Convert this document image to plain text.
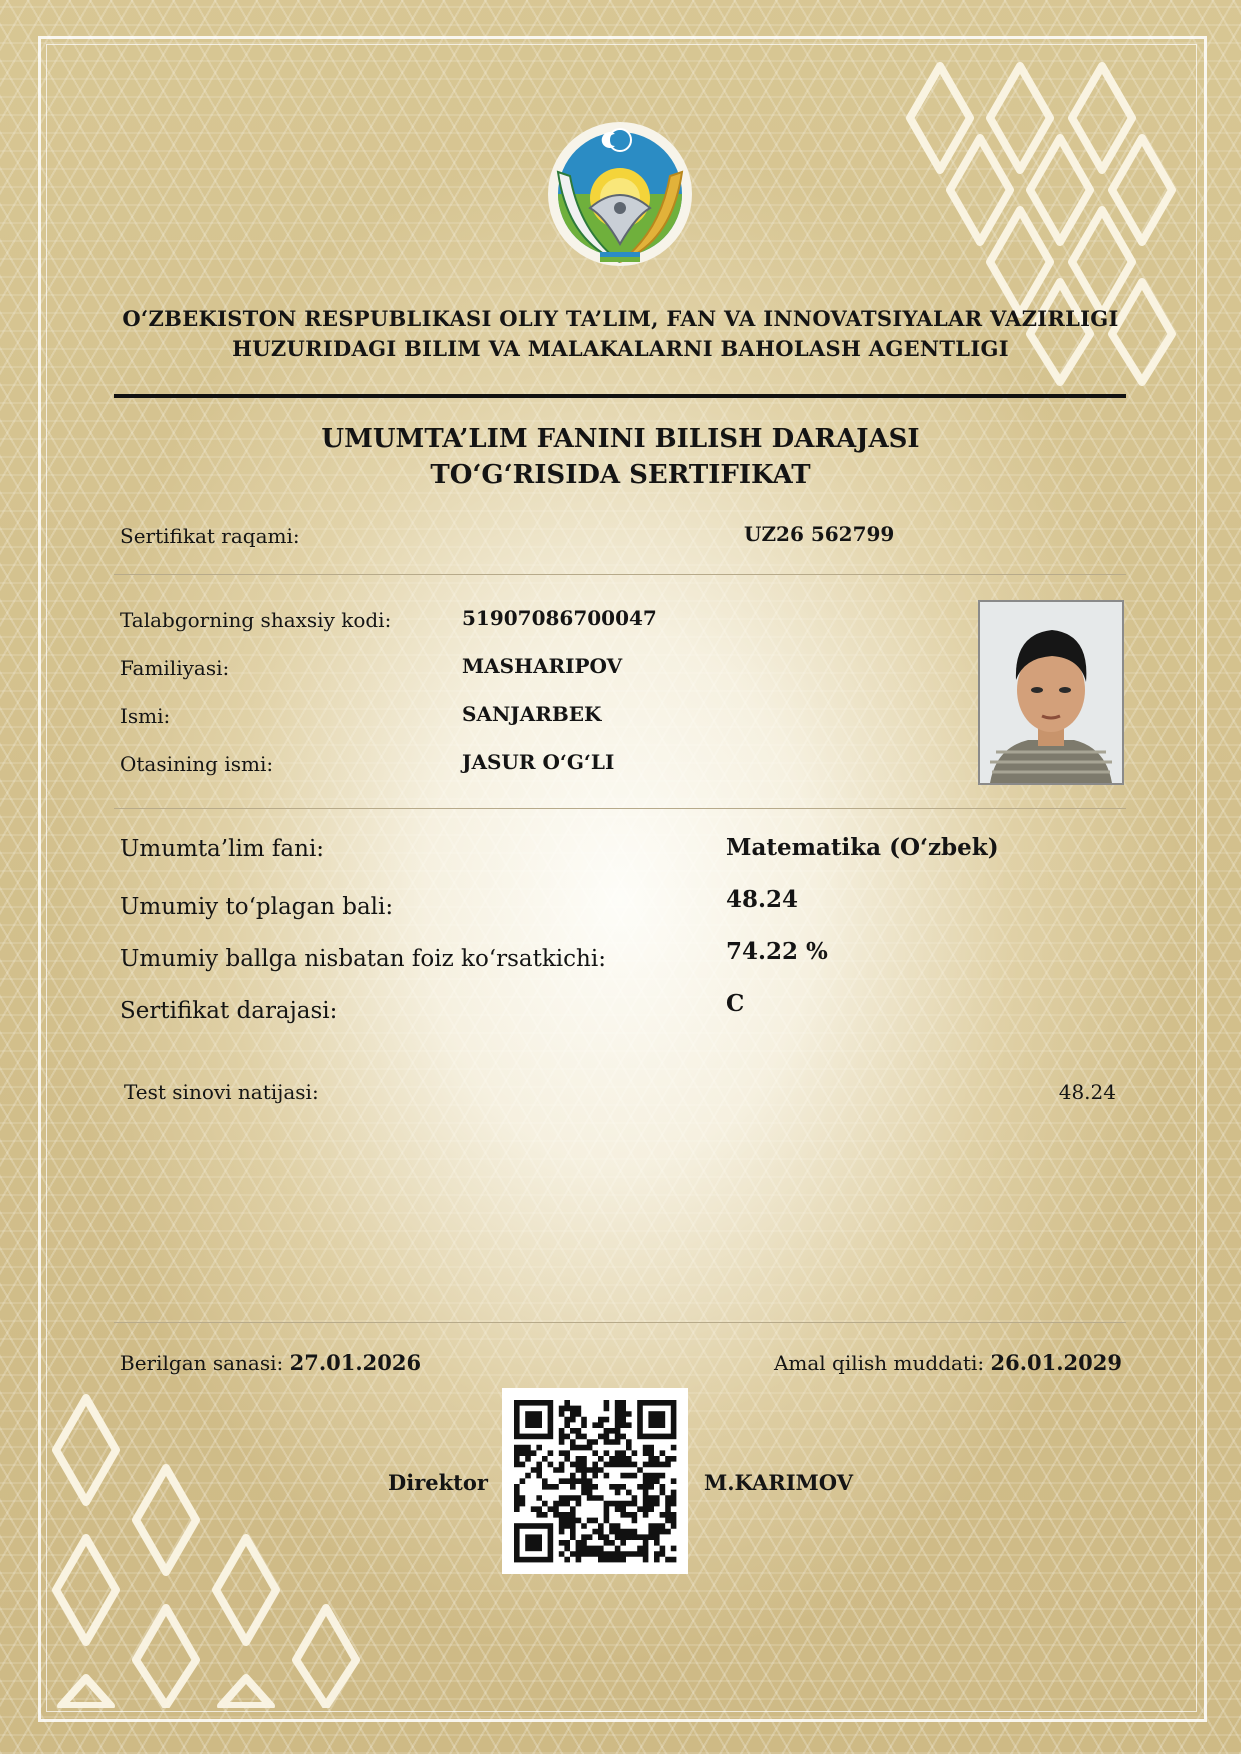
O‘ZBEKISTON RESPUBLIKASI OLIY TA’LIM, FAN VA INNOVATSIYALAR VAZIRLIGI
HUZURIDAGI BILIM VA MALAKALARNI BAHOLASH AGENTLIGI
UMUMTA’LIM FANINI BILISH DARAJASI
TO‘G‘RISIDA SERTIFIKAT
Sertifikat raqami:	UZ26 562799
Talabgorning shaxsiy kodi:	51907086700047
Familiyasi:	MASHARIPOV
Ismi:	SANJARBEK
Otasining ismi:	JASUR O‘G‘LI
Umumta’lim fani:	Matematika (O‘zbek)
Umumiy to‘plagan bali:	48.24
Umumiy ballga nisbatan foiz ko‘rsatkichi:	74.22 %
Sertifikat darajasi:	C
Test sinovi natijasi:	48.24
Berilgan sanasi: 27.01.2026	Amal qilish muddati: 26.01.2029
Direktor	M.KARIMOV
